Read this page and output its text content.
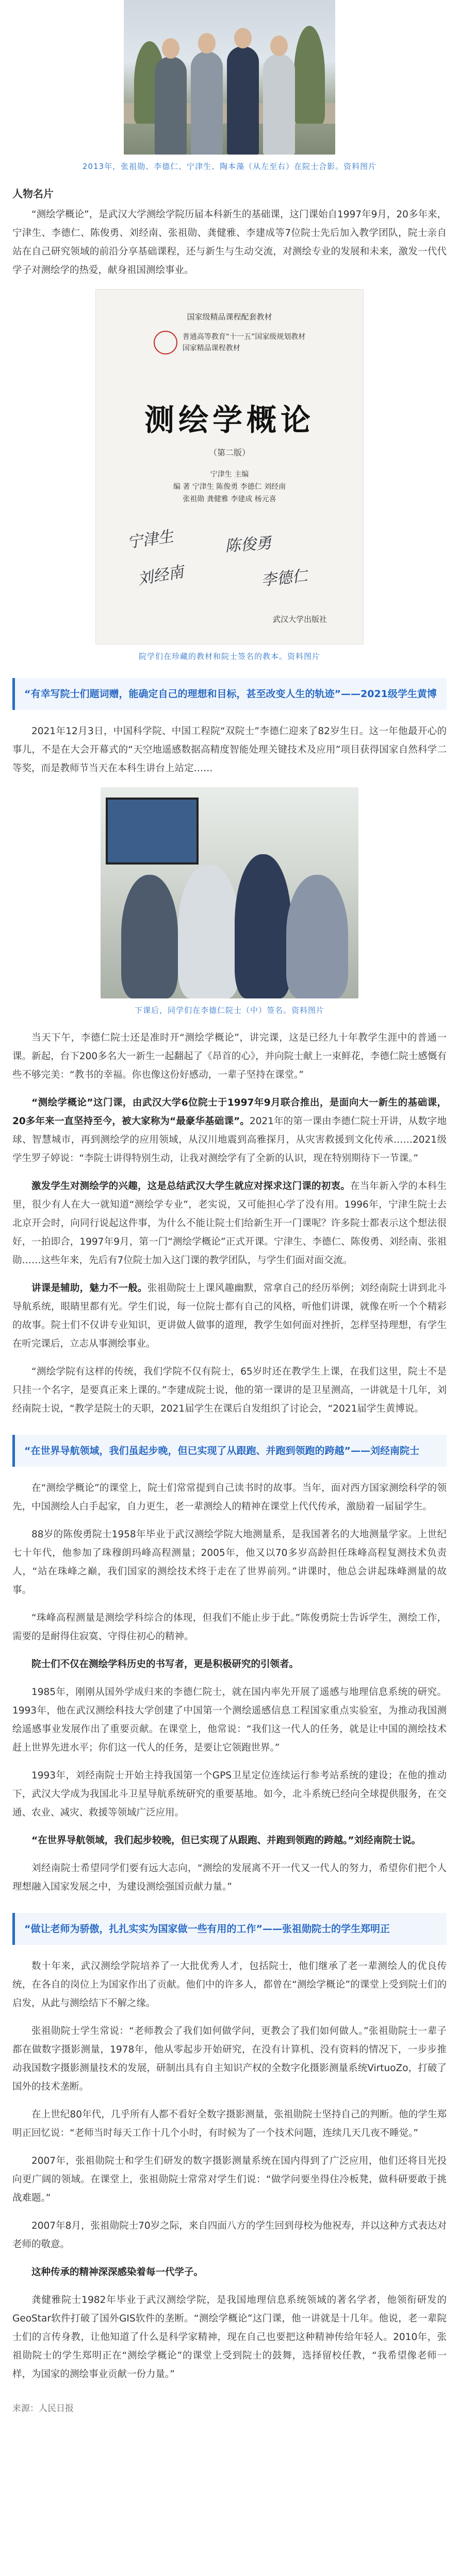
2013年，张祖勋、李德仁、宁津生、陶本藻（从左至右）在院士合影。资料图片
人物名片

“测绘学概论”，是武汉大学测绘学院历届本科新生的基础课，这门课始自1997年9月，20多年来，宁津生、李德仁、陈俊勇、刘经南、张祖勋、龚健雅、李建成等7位院士先后加入教学团队，院士亲自站在自己研究领域的前沿分享基础课程，还与新生与生动交流，对测绘专业的发展和未来，激发一代代学子对测绘学的热爱，献身祖国测绘事业。

国家级精品课程配套教材
普通高等教育“十一五”国家级规划教材
国家精品课程教材
测绘学概论
（第二版）
宁津生 主编
编 著 宁津生 陈俊勇 李德仁 刘经南
张祖勋 龚健雅 李建成 杨元喜
宁津生	陈俊勇
刘经南	李德仁
武汉大学出版社
院学们在珍藏的教材和院士签名的教本。资料图片
“有幸写院士们题词赠，能确定自己的理想和目标，甚至改变人生的轨迹”——2021级学生黄博

2021年12月3日，中国科学院、中国工程院“双院士”李德仁迎来了82岁生日。这一年他最开心的事儿，不是在大会开幕式的“天空地遥感数据高精度智能处理关键技术及应用”项目获得国家自然科学二等奖，而是教师节当天在本科生讲台上站定……

下课后，同学们在李德仁院士（中）签名。资料图片

当天下午，李德仁院士还是准时开“测绘学概论”，讲完课，这是已经九十年教学生涯中的普通一课。新起，台下200多名大一新生一起翻起了《昂首的心》，并向院士献上一束鲜花，李德仁院士感慨有些不够完美：“教书的幸福。你也像这份好感动，一辈子坚持在课堂。”

“测绘学概论”这门课，由武汉大学6位院士于1997年9月联合推出，是面向大一新生的基础课，20多年来一直坚持至今，被大家称为“最豪华基础课”。2021年的第一课由李德仁院士开讲，从数字地球、智慧城市，再到测绘学的应用领域，从汉川地震到高雅探月，从灾害救援到文化传承……2021级学生罗子婷说：“李院士讲得特别生动，让我对测绘学有了全新的认识，现在特别期待下一节课。”

激发学生对测绘学的兴趣，这是总结武汉大学生就应对探求这门课的初衷。在当年新入学的本科生里，很少有人在大一就知道“测绘学专业”，老实说，又可能担心学了没有用。1996年，宁津生院士去北京开会时，向同行说起这件事，为什么不能让院士们给新生开一门课呢？许多院士都表示这个想法很好，一拍即合，1997年9月，第一门“测绘学概论”正式开课。宁津生、李德仁、陈俊勇、刘经南、张祖勋……这些年来，先后有7位院士加入这门课的教学团队，与学生们面对面交流。

讲课是辅助，魅力不一般。张祖勋院士上课风趣幽默，常拿自己的经历举例；刘经南院士讲到北斗导航系统，眼睛里都有光。学生们说，每一位院士都有自己的风格，听他们讲课，就像在听一个个精彩的故事。院士们不仅讲专业知识，更讲做人做事的道理，教学生如何面对挫折，怎样坚持理想，有学生在听完课后，立志从事测绘事业。

“测绘学院有这样的传统，我们学院不仅有院士，65岁时还在教学生上课，在我们这里，院士不是只挂一个名字，是要真正来上课的。”李建成院士说，他的第一课讲的是卫星测高，一讲就是十几年，刘经南院士说，“教学是院士的天职，2021届学生在课后自发组织了讨论会，“2021届学生黄博说。

“在世界导航领域，我们虽起步晚，但已实现了从跟跑、并跑到领跑的跨越”——刘经南院士

在“测绘学概论”的课堂上，院士们常常提到自己读书时的故事。当年，面对西方国家测绘科学的领先，中国测绘人白手起家，自力更生，老一辈测绘人的精神在课堂上代代传承，激励着一届届学生。

88岁的陈俊勇院士1958年毕业于武汉测绘学院大地测量系，是我国著名的大地测量学家。上世纪七十年代，他参加了珠穆朗玛峰高程测量；2005年，他又以70多岁高龄担任珠峰高程复测技术负责人，“站在珠峰之巅，我们国家的测绘技术终于走在了世界前列。”讲课时，他总会讲起珠峰测量的故事。

“珠峰高程测量是测绘学科综合的体现，但我们不能止步于此。”陈俊勇院士告诉学生，测绘工作，需要的是耐得住寂寞、守得住初心的精神。

院士们不仅在测绘学科历史的书写者，更是积极研究的引领者。

1985年，刚刚从国外学成归来的李德仁院士，就在国内率先开展了遥感与地理信息系统的研究。1993年，他在武汉测绘科技大学创建了中国第一个测绘遥感信息工程国家重点实验室，为推动我国测绘遥感事业发展作出了重要贡献。在课堂上，他常说：“我们这一代人的任务，就是让中国的测绘技术赶上世界先进水平；你们这一代人的任务，是要让它领跑世界。”

1993年，刘经南院士开始主持我国第一个GPS卫星定位连续运行参考站系统的建设；在他的推动下，武汉大学成为我国北斗卫星导航系统研究的重要基地。如今，北斗系统已经向全球提供服务，在交通、农业、减灾、救援等领域广泛应用。

“在世界导航领域，我们起步较晚，但已实现了从跟跑、并跑到领跑的跨越。”刘经南院士说。

刘经南院士希望同学们要有远大志向，“测绘的发展离不开一代又一代人的努力，希望你们把个人理想融入国家发展之中，为建设测绘强国贡献力量。”

“做让老师为骄傲，扎扎实实为国家做一些有用的工作”——张祖勋院士的学生郑明正

数十年来，武汉测绘学院培养了一大批优秀人才，包括院士，他们继承了老一辈测绘人的优良传统，在各自的岗位上为国家作出了贡献。他们中的许多人，都曾在“测绘学概论”的课堂上受到院士们的启发，从此与测绘结下不解之缘。

张祖勋院士学生常说：“老师教会了我们如何做学问，更教会了我们如何做人。”张祖勋院士一辈子都在做数字摄影测量，1978年，他从零起步开始研究，在没有计算机、没有资料的情况下，一步步推动我国数字摄影测量技术的发展，研制出具有自主知识产权的全数字化摄影测量系统VirtuoZo，打破了国外的技术垄断。

在上世纪80年代，几乎所有人都不看好全数字摄影测量，张祖勋院士坚持自己的判断。他的学生郑明正回忆说：“老师当时每天工作十几个小时，有时候为了一个技术问题，连续几天几夜不睡觉。”

2007年，张祖勋院士和学生们研发的数字摄影测量系统在国内得到了广泛应用，他们还将目光投向更广阔的领域。在课堂上，张祖勋院士常常对学生们说：“做学问要坐得住冷板凳，做科研要敢于挑战难题。”

2007年8月，张祖勋院士70岁之际，来自四面八方的学生回到母校为他祝寿，并以这种方式表达对老师的敬意。

这种传承的精神深深感染着每一代学子。

龚健雅院士1982年毕业于武汉测绘学院，是我国地理信息系统领域的著名学者，他领衔研发的GeoStar软件打破了国外GIS软件的垄断。“测绘学概论”这门课，他一讲就是十几年。他说，老一辈院士们的言传身教，让他知道了什么是科学家精神，现在自己也要把这种精神传给年轻人。2010年，张祖勋院士的学生郑明正在“测绘学概论”的课堂上受到院士的鼓舞，选择留校任教，“我希望像老师一样，为国家的测绘事业贡献一份力量。”

来源：人民日报
